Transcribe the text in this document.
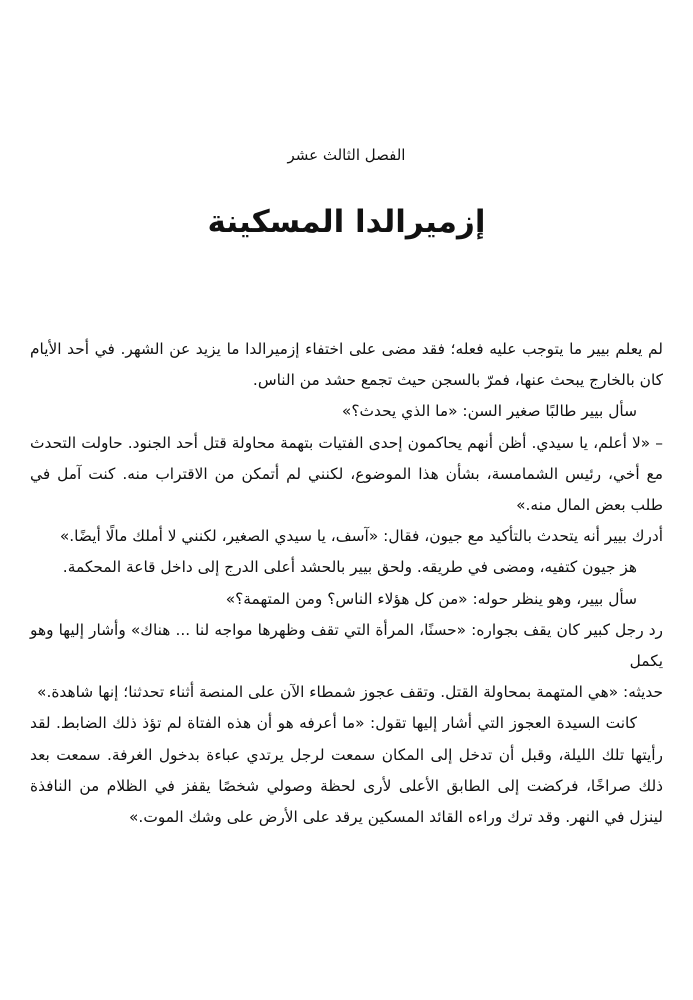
الفصل الثالث عشر
إزميرالدا المسكينة

لم يعلم بيير ما يتوجب عليه فعله؛ فقد مضى على اختفاء إزميرالدا ما يزيد عن الشهر. في أحد الأيام كان بالخارج يبحث عنها، فمرّ بالسجن حيث تجمع حشد من الناس.

سأل بيير طالبًا صغير السن: «ما الذي يحدث؟»

– «لا أعلم، يا سيدي. أظن أنهم يحاكمون إحدى الفتيات بتهمة محاولة قتل أحد الجنود. حاولت التحدث مع أخي، رئيس الشمامسة، بشأن هذا الموضوع، لكنني لم أتمكن من الاقتراب منه. كنت آمل في طلب بعض المال منه.»

أدرك بيير أنه يتحدث بالتأكيد مع جيون، فقال: «آسف، يا سيدي الصغير، لكنني لا أملك مالًا أيضًا.»

هز جيون كتفيه، ومضى في طريقه. ولحق بيير بالحشد أعلى الدرج إلى داخل قاعة المحكمة.

سأل بيير، وهو ينظر حوله: «من كل هؤلاء الناس؟ ومن المتهمة؟»

رد رجل كبير كان يقف بجواره: «حسنًا، المرأة التي تقف وظهرها مواجه لنا ... هناك» وأشار إليها وهو يكمل

حديثه: «هي المتهمة بمحاولة القتل. وتقف عجوز شمطاء الآن على المنصة أثناء تحدثنا؛ إنها شاهدة.»

كانت السيدة العجوز التي أشار إليها تقول: «ما أعرفه هو أن هذه الفتاة لم تؤذ ذلك الضابط. لقد رأيتها تلك الليلة، وقبل أن تدخل إلى المكان سمعت لرجل يرتدي عباءة بدخول الغرفة. سمعت بعد ذلك صراخًا، فركضت إلى الطابق الأعلى لأرى لحظة وصولي شخصًا يقفز في الظلام من النافذة لينزل في النهر. وقد ترك وراءه القائد المسكين يرقد على الأرض على وشك الموت.»
